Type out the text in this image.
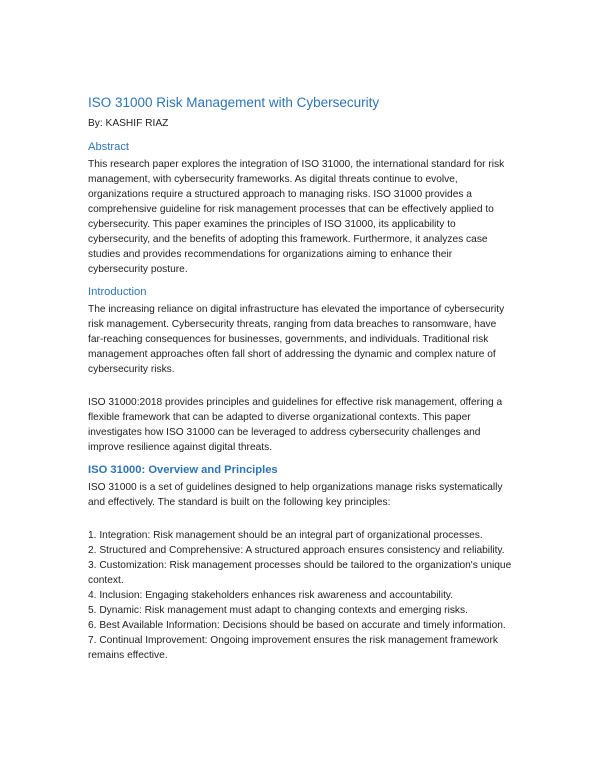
ISO 31000 Risk Management with Cybersecurity
By: KASHIF RIAZ
Abstract

This research paper explores the integration of ISO 31000, the international standard for risk management, with cybersecurity frameworks. As digital threats continue to evolve, organizations require a structured approach to managing risks. ISO 31000 provides a comprehensive guideline for risk management processes that can be effectively applied to cybersecurity. This paper examines the principles of ISO 31000, its applicability to cybersecurity, and the benefits of adopting this framework. Furthermore, it analyzes case studies and provides recommendations for organizations aiming to enhance their cybersecurity posture.

Introduction

The increasing reliance on digital infrastructure has elevated the importance of cybersecurity risk management. Cybersecurity threats, ranging from data breaches to ransomware, have far-reaching consequences for businesses, governments, and individuals. Traditional risk management approaches often fall short of addressing the dynamic and complex nature of cybersecurity risks.

ISO 31000:2018 provides principles and guidelines for effective risk management, offering a flexible framework that can be adapted to diverse organizational contexts. This paper investigates how ISO 31000 can be leveraged to address cybersecurity challenges and improve resilience against digital threats.

ISO 31000: Overview and Principles

ISO 31000 is a set of guidelines designed to help organizations manage risks systematically and effectively. The standard is built on the following key principles:

1. Integration: Risk management should be an integral part of organizational processes.

2. Structured and Comprehensive: A structured approach ensures consistency and reliability.

3. Customization: Risk management processes should be tailored to the organization's unique context.

4. Inclusion: Engaging stakeholders enhances risk awareness and accountability.

5. Dynamic: Risk management must adapt to changing contexts and emerging risks.

6. Best Available Information: Decisions should be based on accurate and timely information.

7. Continual Improvement: Ongoing improvement ensures the risk management framework remains effective.
